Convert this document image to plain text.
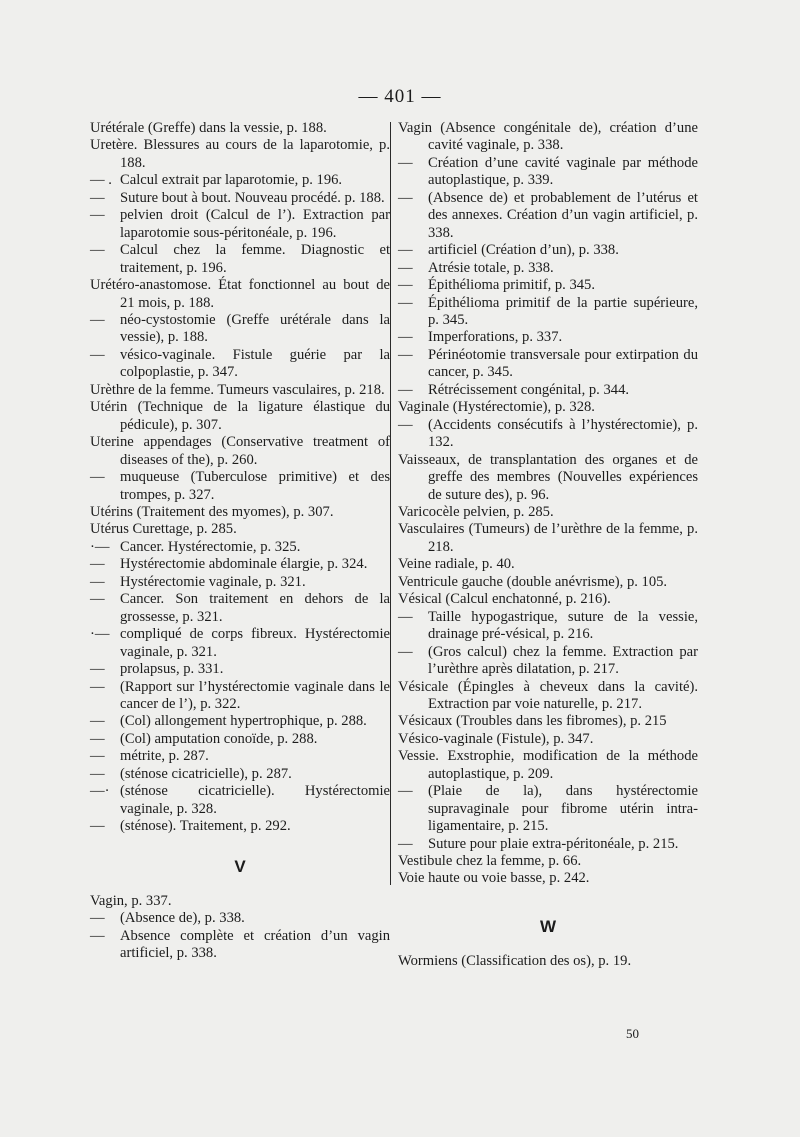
— 401 —
Urétérale (Greffe) dans la vessie, p. 188.
Uretère. Blessures au cours de la laparotomie, p. 188.
— . Calcul extrait par laparotomie, p. 196.
— Suture bout à bout. Nouveau procédé. p. 188.
— pelvien droit (Calcul de l’). Extraction par laparotomie sous-péritonéale, p. 196.
— Calcul chez la femme. Diagnostic et traitement, p. 196.
Urétéro-anastomose. État fonctionnel au bout de 21 mois, p. 188.
— néo-cystostomie (Greffe urétérale dans la vessie), p. 188.
— vésico-vaginale. Fistule guérie par la colpoplastie, p. 347.
Urèthre de la femme. Tumeurs vasculaires, p. 218.
Utérin (Technique de la ligature élastique du pédicule), p. 307.
Uterine appendages (Conservative treatment of diseases of the), p. 260.
— muqueuse (Tuberculose primitive) et des trompes, p. 327.
Utérins (Traitement des myomes), p. 307.
Utérus Curettage, p. 285.
·— Cancer. Hystérectomie, p. 325.
— Hystérectomie abdominale élargie, p. 324.
— Hystérectomie vaginale, p. 321.
— Cancer. Son traitement en dehors de la grossesse, p. 321.
·— compliqué de corps fibreux. Hystérectomie vaginale, p. 321.
— prolapsus, p. 331.
— (Rapport sur l’hystérectomie vaginale dans le cancer de l’), p. 322.
— (Col) allongement hypertrophique, p. 288.
— (Col) amputation conoïde, p. 288.
— métrite, p. 287.
— (sténose cicatricielle), p. 287.
—· (sténose cicatricielle). Hystérectomie vaginale, p. 328.
— (sténose). Traitement, p. 292.
V
Vagin, p. 337.
— (Absence de), p. 338.
— Absence complète et création d’un vagin artificiel, p. 338.
Vagin (Absence congénitale de), création d’une cavité vaginale, p. 338.
— Création d’une cavité vaginale par méthode autoplastique, p. 339.
— (Absence de) et probablement de l’utérus et des annexes. Création d’un vagin artificiel, p. 338.
— artificiel (Création d’un), p. 338.
— Atrésie totale, p. 338.
— Épithélioma primitif, p. 345.
— Épithélioma primitif de la partie supérieure, p. 345.
— Imperforations, p. 337.
— Périnéotomie transversale pour extirpation du cancer, p. 345.
— Rétrécissement congénital, p. 344.
Vaginale (Hystérectomie), p. 328.
— (Accidents consécutifs à l’hystérectomie), p. 132.
Vaisseaux, de transplantation des organes et de greffe des membres (Nouvelles expériences de suture des), p. 96.
Varicocèle pelvien, p. 285.
Vasculaires (Tumeurs) de l’urèthre de la femme, p. 218.
Veine radiale, p. 40.
Ventricule gauche (double anévrisme), p. 105.
Vésical (Calcul enchatonné, p. 216).
— Taille hypogastrique, suture de la vessie, drainage pré-vésical, p. 216.
— (Gros calcul) chez la femme. Extraction par l’urèthre après dilatation, p. 217.
Vésicale (Épingles à cheveux dans la cavité). Extraction par voie naturelle, p. 217.
Vésicaux (Troubles dans les fibromes), p. 215
Vésico-vaginale (Fistule), p. 347.
Vessie. Exstrophie, modification de la méthode autoplastique, p. 209.
— (Plaie de la), dans hystérectomie supravaginale pour fibrome utérin intra-ligamentaire, p. 215.
— Suture pour plaie extra-péritonéale, p. 215.
Vestibule chez la femme, p. 66.
Voie haute ou voie basse, p. 242.
W
Wormiens (Classification des os), p. 19.
50
